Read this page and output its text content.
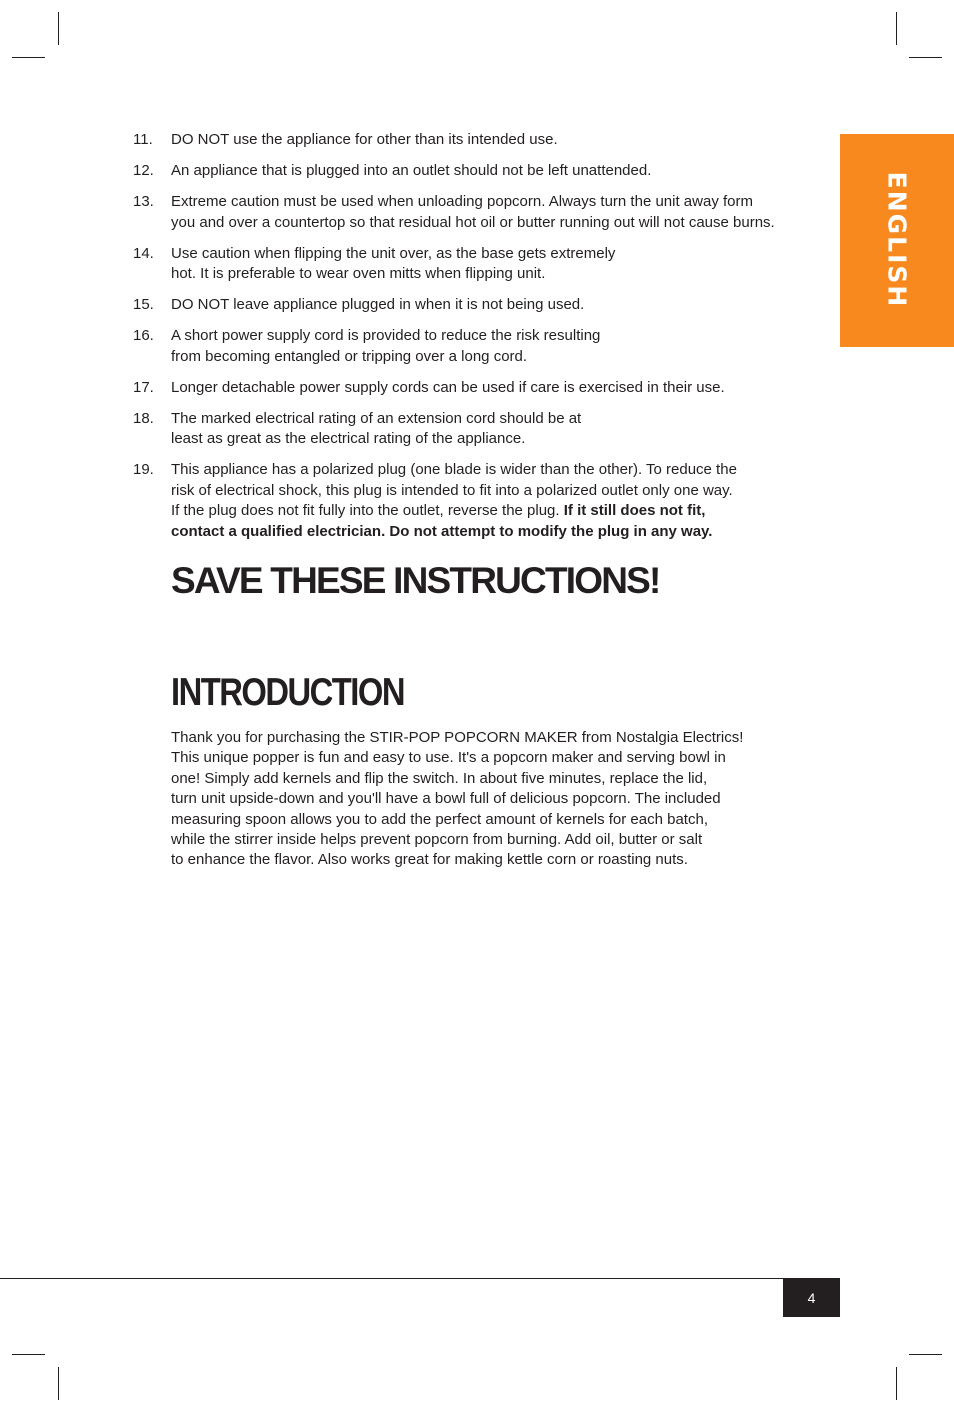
ENGLISH
11. DO NOT use the appliance for other than its intended use.
12. An appliance that is plugged into an outlet should not be left unattended.
13. Extreme caution must be used when unloading popcorn. Always turn the unit away form
you and over a countertop so that residual hot oil or butter running out will not cause burns.
14. Use caution when flipping the unit over, as the base gets extremely
hot. It is preferable to wear oven mitts when flipping unit.
15. DO NOT leave appliance plugged in when it is not being used.
16. A short power supply cord is provided to reduce the risk resulting
from becoming entangled or tripping over a long cord.
17. Longer detachable power supply cords can be used if care is exercised in their use.
18. The marked electrical rating of an extension cord should be at
least as great as the electrical rating of the appliance.
19. This appliance has a polarized plug (one blade is wider than the other). To reduce the
risk of electrical shock, this plug is intended to fit into a polarized outlet only one way.
If the plug does not fit fully into the outlet, reverse the plug. If it still does not fit,
contact a qualified electrician. Do not attempt to modify the plug in any way.
SAVE THESE INSTRUCTIONS!
INTRODUCTION

Thank you for purchasing the STIR-POP POPCORN MAKER from Nostalgia Electrics!
This unique popper is fun and easy to use. It's a popcorn maker and serving bowl in
one! Simply add kernels and flip the switch. In about five minutes, replace the lid,
turn unit upside-down and you'll have a bowl full of delicious popcorn. The included
measuring spoon allows you to add the perfect amount of kernels for each batch,
while the stirrer inside helps prevent popcorn from burning. Add oil, butter or salt
to enhance the flavor. Also works great for making kettle corn or roasting nuts.

4
